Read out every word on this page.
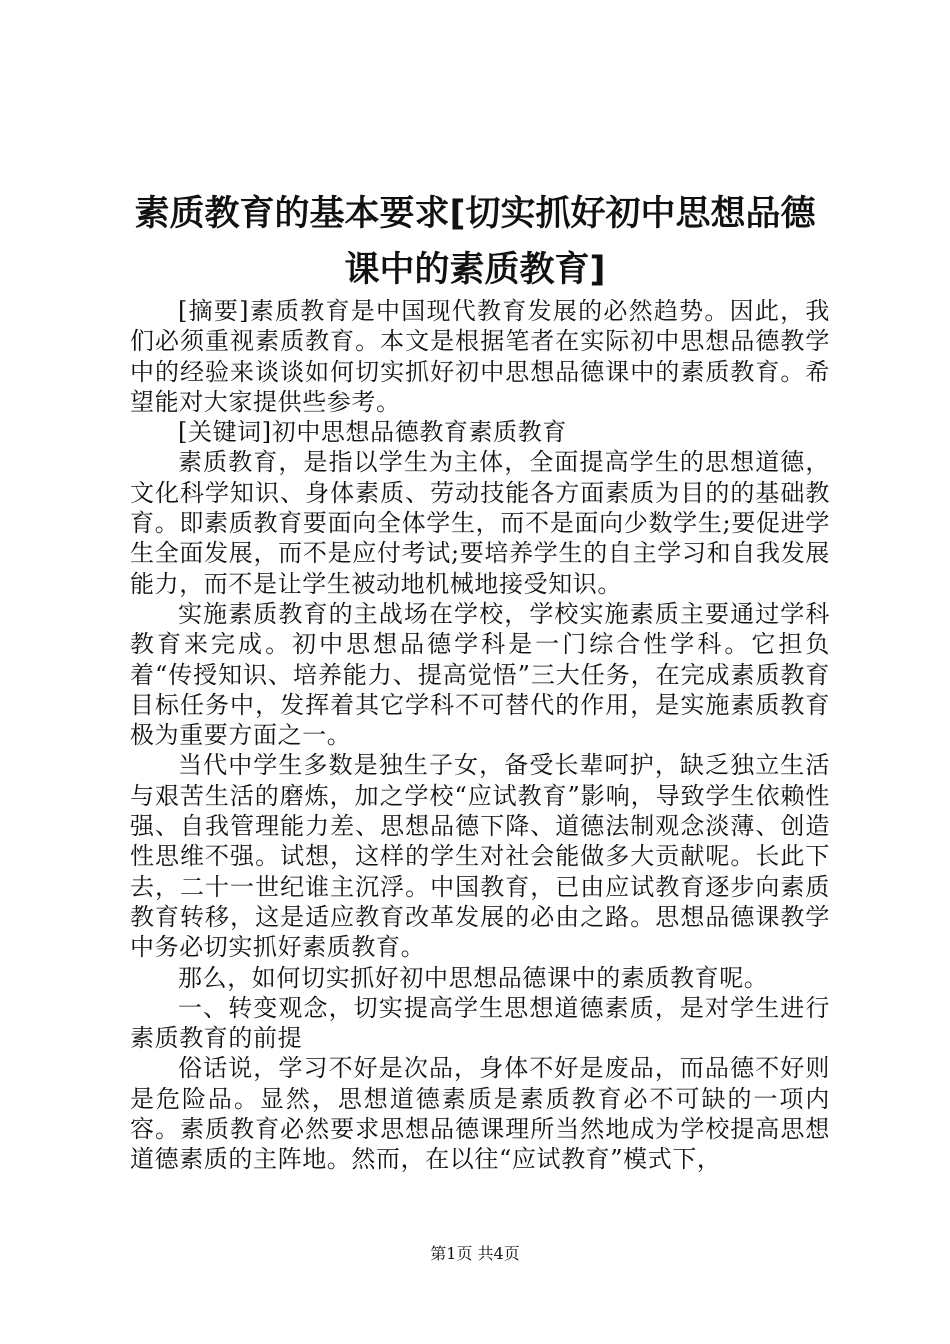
素质教育的基本要求[切实抓好初中思想品德
课中的素质教育]

[摘要]素质教育是中国现代教育发展的必然趋势。因此，我们必须重视素质教育。本文是根据笔者在实际初中思想品德教学中的经验来谈谈如何切实抓好初中思想品德课中的素质教育。希望能对大家提供些参考。

[关键词]初中思想品德教育素质教育

素质教育，是指以学生为主体，全面提高学生的思想道德，文化科学知识、身体素质、劳动技能各方面素质为目的的基础教育。即素质教育要面向全体学生，而不是面向少数学生;要促进学生全面发展，而不是应付考试;要培养学生的自主学习和自我发展能力，而不是让学生被动地机械地接受知识。

实施素质教育的主战场在学校，学校实施素质主要通过学科教育来完成。初中思想品德学科是一门综合性学科。它担负着“传授知识、培养能力、提高觉悟”三大任务，在完成素质教育目标任务中，发挥着其它学科不可替代的作用，是实施素质教育极为重要方面之一。

当代中学生多数是独生子女，备受长辈呵护，缺乏独立生活与艰苦生活的磨炼，加之学校“应试教育”影响，导致学生依赖性强、自我管理能力差、思想品德下降、道德法制观念淡薄、创造性思维不强。试想，这样的学生对社会能做多大贡献呢。长此下去，二十一世纪谁主沉浮。中国教育，已由应试教育逐步向素质教育转移，这是适应教育改革发展的必由之路。思想品德课教学中务必切实抓好素质教育。

那么，如何切实抓好初中思想品德课中的素质教育呢。

一、转变观念，切实提高学生思想道德素质，是对学生进行素质教育的前提

俗话说，学习不好是次品，身体不好是废品，而品德不好则是危险品。显然，思想道德素质是素质教育必不可缺的一项内容。素质教育必然要求思想品德课理所当然地成为学校提高思想道德素质的主阵地。然而，在以往“应试教育”模式下，

第1页 共4页
